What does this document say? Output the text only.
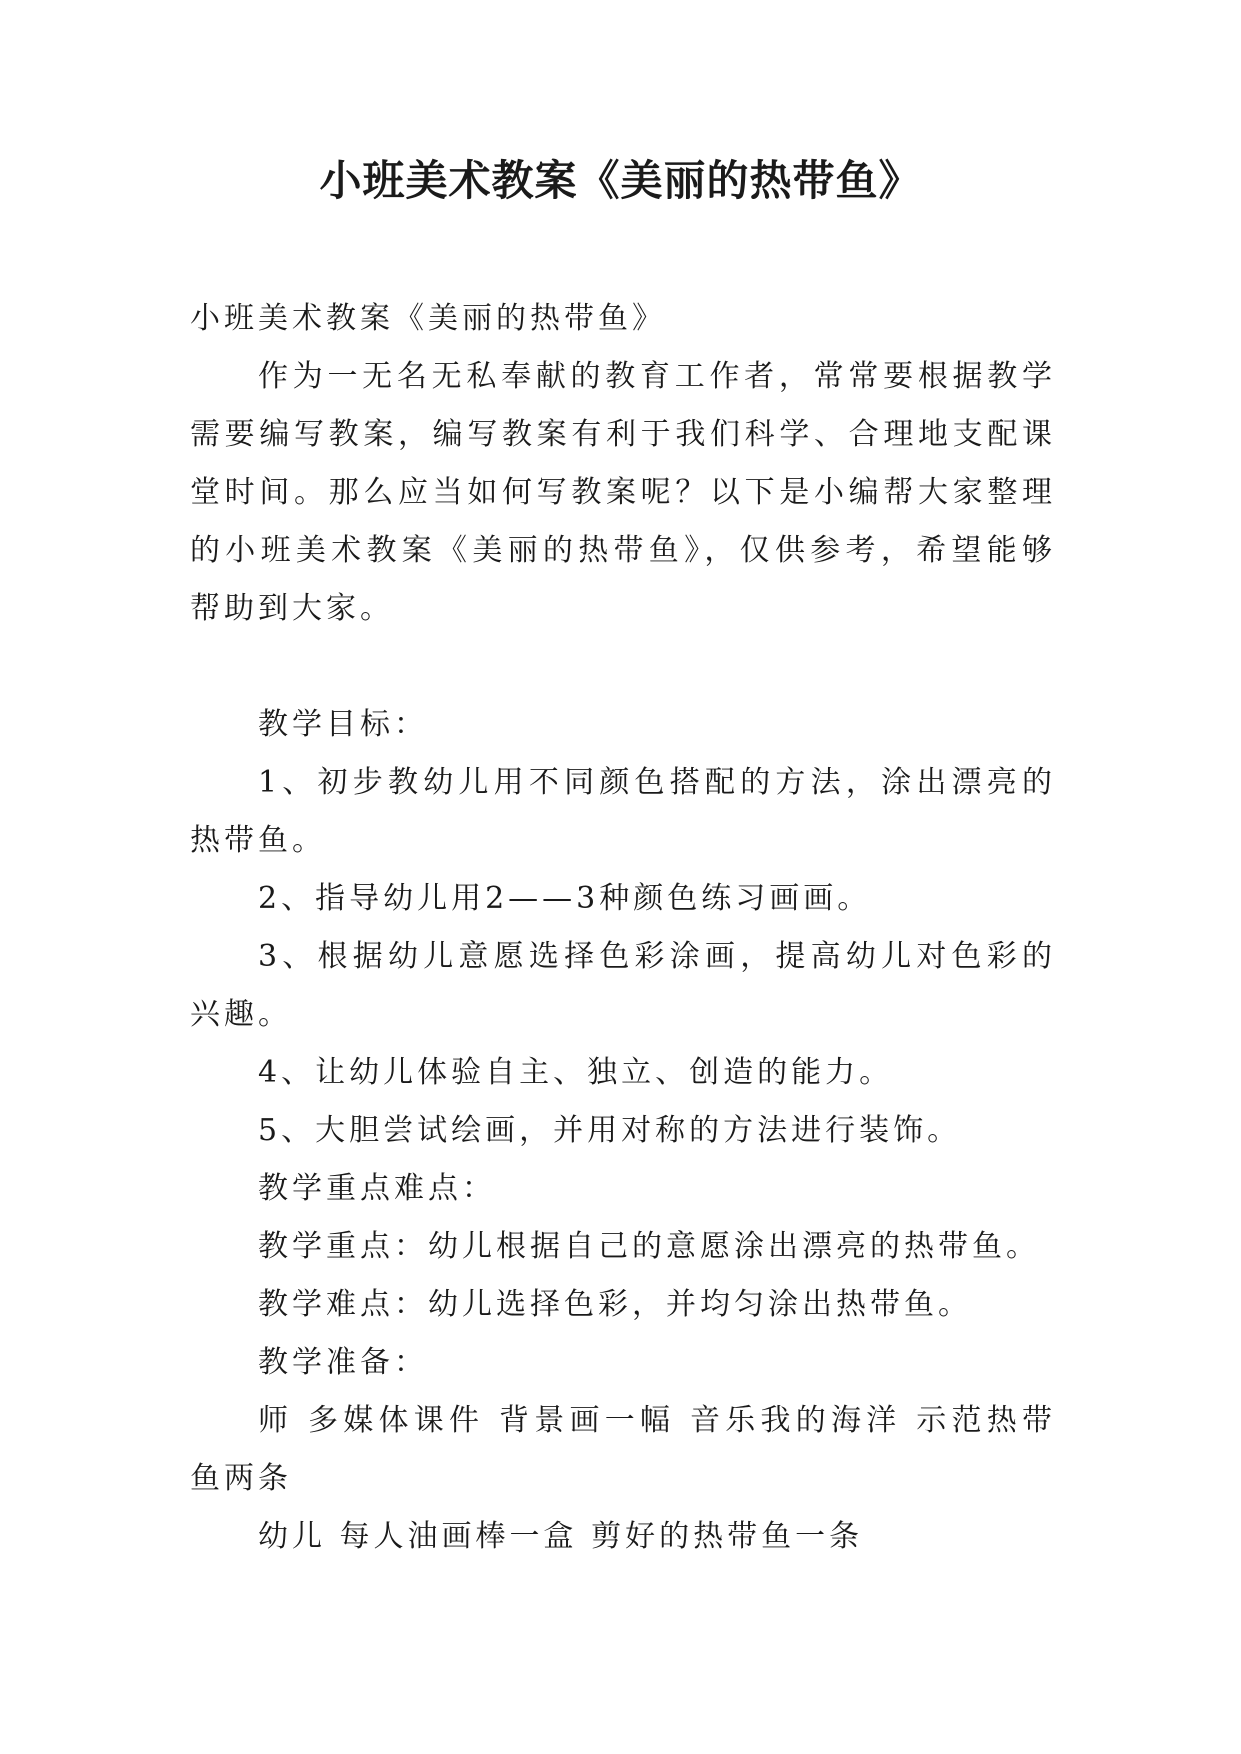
小班美术教案《美丽的热带鱼》

小班美术教案《美丽的热带鱼》

作为一无名无私奉献的教育工作者，常常要根据教学需要编写教案，编写教案有利于我们科学、合理地支配课堂时间。那么应当如何写教案呢？以下是小编帮大家整理的小班美术教案《美丽的热带鱼》，仅供参考，希望能够帮助到大家。

教学目标：

1、初步教幼儿用不同颜色搭配的方法，涂出漂亮的热带鱼。

2、指导幼儿用2——3种颜色练习画画。

3、根据幼儿意愿选择色彩涂画，提高幼儿对色彩的兴趣。

4、让幼儿体验自主、独立、创造的能力。

5、大胆尝试绘画，并用对称的方法进行装饰。

教学重点难点：

教学重点：幼儿根据自己的意愿涂出漂亮的热带鱼。

教学难点：幼儿选择色彩，并均匀涂出热带鱼。

教学准备：

师 多媒体课件 背景画一幅 音乐我的海洋 示范热带鱼两条

幼儿 每人油画棒一盒 剪好的热带鱼一条
